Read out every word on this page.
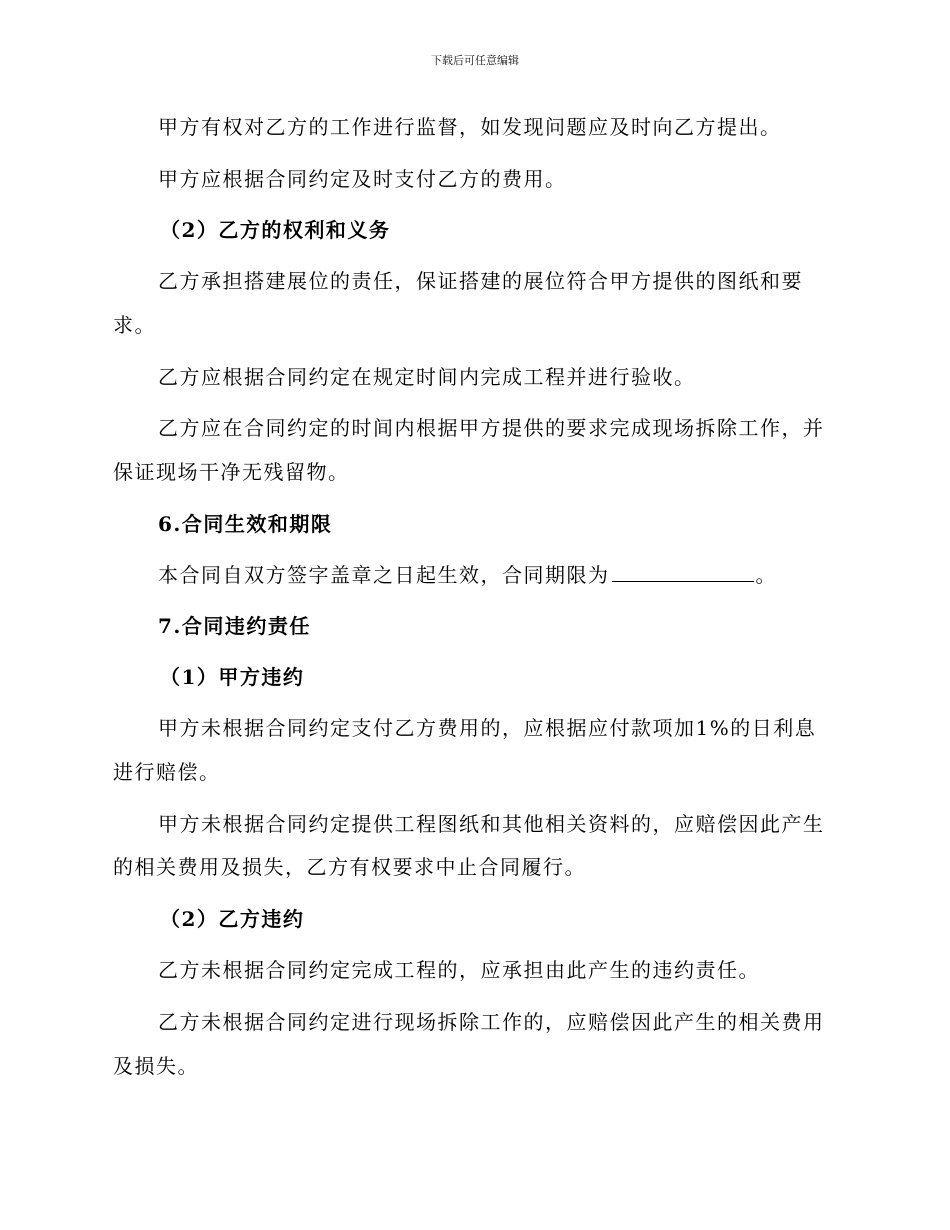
下载后可任意编辑
甲方有权对乙方的工作进行监督，如发现问题应及时向乙方提出。
甲方应根据合同约定及时支付乙方的费用。
（2）乙方的权利和义务
乙方承担搭建展位的责任，保证搭建的展位符合甲方提供的图纸和要
求。
乙方应根据合同约定在规定时间内完成工程并进行验收。
乙方应在合同约定的时间内根据甲方提供的要求完成现场拆除工作，并
保证现场干净无残留物。
6.合同生效和期限
本合同自双方签字盖章之日起生效，合同期限为	。
7.合同违约责任
（1）甲方违约
甲方未根据合同约定支付乙方费用的，应根据应付款项加1%的日利息
进行赔偿。
甲方未根据合同约定提供工程图纸和其他相关资料的，应赔偿因此产生
的相关费用及损失，乙方有权要求中止合同履行。
（2）乙方违约
乙方未根据合同约定完成工程的，应承担由此产生的违约责任。
乙方未根据合同约定进行现场拆除工作的，应赔偿因此产生的相关费用
及损失。
